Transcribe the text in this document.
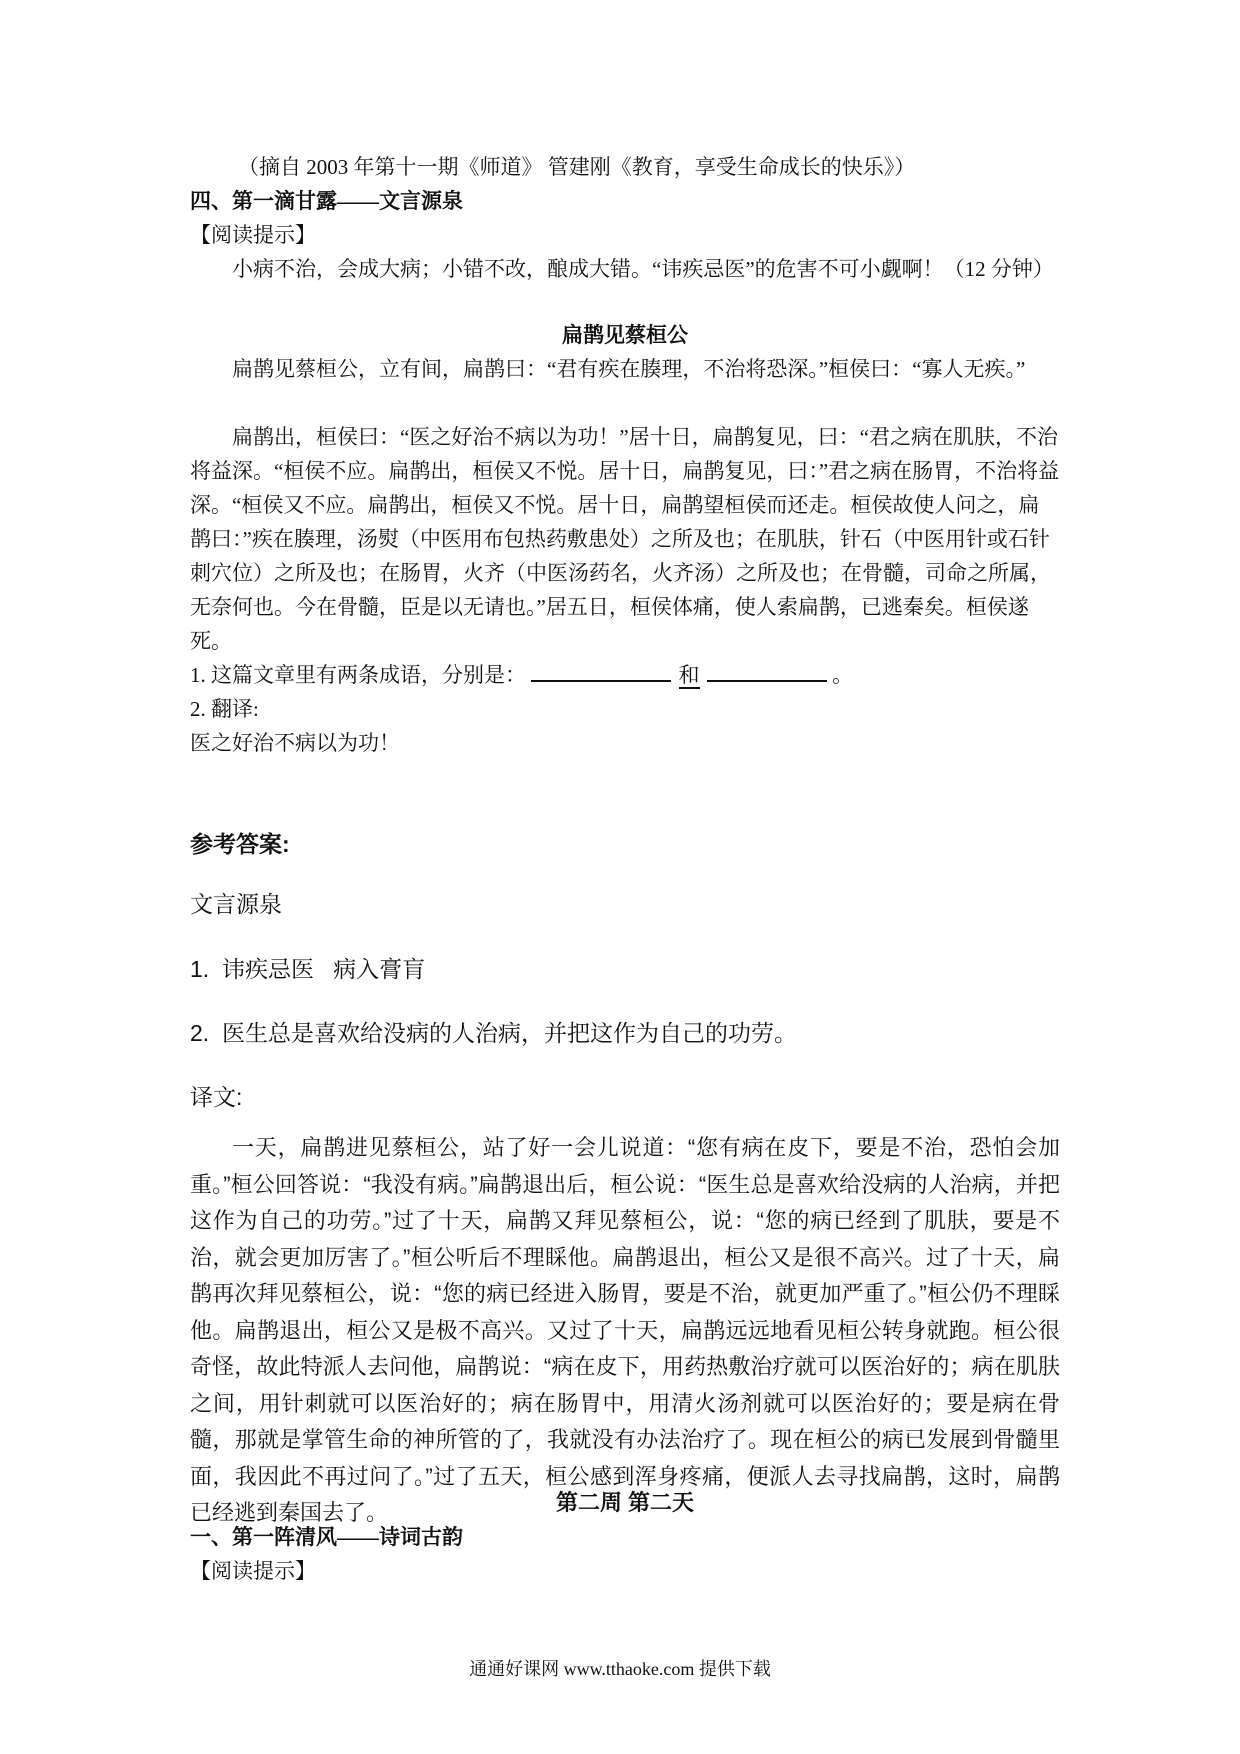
（摘自 2003 年第十一期《师道》 管建刚《教育，享受生命成长的快乐》）
四、第一滴甘露——文言源泉
【阅读提示】
小病不治，会成大病；小错不改，酿成大错。“讳疾忌医”的危害不可小觑啊！（12 分钟）
扁鹊见蔡桓公
扁鹊见蔡桓公，立有间，扁鹊曰：“君有疾在腠理，不治将恐深。”桓侯曰：“寡人无疾。”
扁鹊出，桓侯曰：“医之好治不病以为功！”居十日，扁鹊复见，曰：“君之病在肌肤，不治将益深。“桓侯不应。扁鹊出，桓侯又不悦。居十日，扁鹊复见，曰：”君之病在肠胃，不治将益深。“桓侯又不应。扁鹊出，桓侯又不悦。居十日，扁鹊望桓侯而还走。桓侯故使人问之，扁鹊曰：”疾在腠理，汤熨（中医用布包热药敷患处）之所及也；在肌肤，针石（中医用针或石针刺穴位）之所及也；在肠胃，火齐（中医汤药名，火齐汤）之所及也；在骨髓，司命之所属，无奈何也。今在骨髓，臣是以无请也。”居五日，桓侯体痛，使人索扁鹊，已逃秦矣。桓侯遂死。
1. 这篇文章里有两条成语，分别是：	和	。
2. 翻译:
医之好治不病以为功！
参考答案:
文言源泉
1.  讳疾忌医   病入膏肓
2.  医生总是喜欢给没病的人治病，并把这作为自己的功劳。
译文:
一天，扁鹊进见蔡桓公，站了好一会儿说道：“您有病在皮下，要是不治，恐怕会加重。”桓公回答说：“我没有病。”扁鹊退出后，桓公说：“医生总是喜欢给没病的人治病，并把这作为自己的功劳。”过了十天，扁鹊又拜见蔡桓公，说：“您的病已经到了肌肤，要是不治，就会更加厉害了。”桓公听后不理睬他。扁鹊退出，桓公又是很不高兴。过了十天，扁鹊再次拜见蔡桓公，说：“您的病已经进入肠胃，要是不治，就更加严重了。”桓公仍不理睬他。扁鹊退出，桓公又是极不高兴。又过了十天，扁鹊远远地看见桓公转身就跑。桓公很奇怪，故此特派人去问他，扁鹊说：“病在皮下，用药热敷治疗就可以医治好的；病在肌肤之间，用针刺就可以医治好的；病在肠胃中，用清火汤剂就可以医治好的；要是病在骨髓，那就是掌管生命的神所管的了，我就没有办法治疗了。现在桓公的病已发展到骨髓里面，我因此不再过问了。”过了五天，桓公感到浑身疼痛，便派人去寻找扁鹊，这时，扁鹊已经逃到秦国去了。	第二周 第二天
一、第一阵清风——诗词古韵
【阅读提示】
通通好课网 www.tthaoke.com 提供下载
